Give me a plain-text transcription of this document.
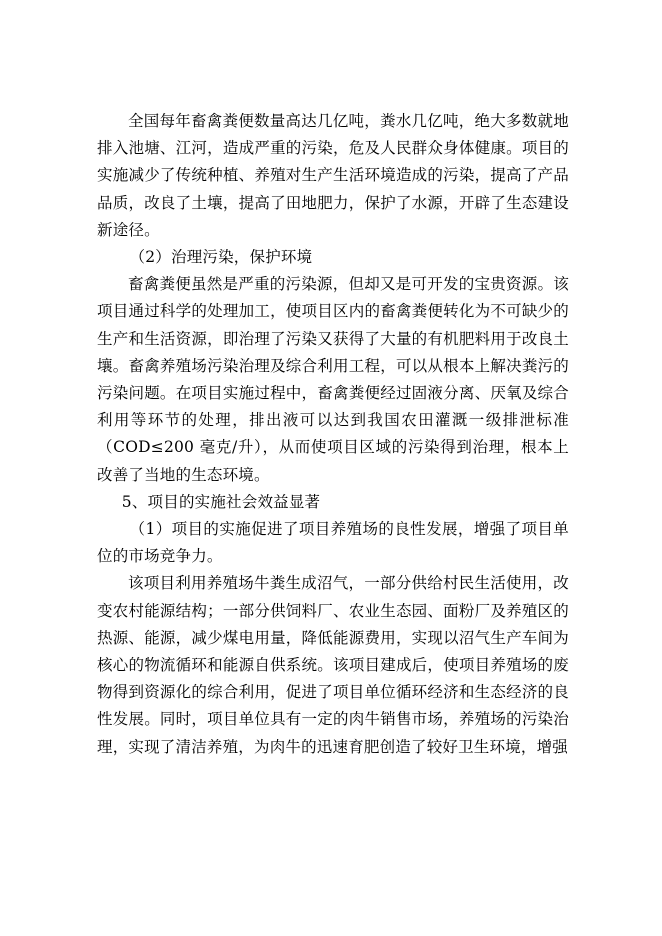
全国每年畜禽粪便数量高达几亿吨，粪水几亿吨，绝大多数就地排入池塘、江河，造成严重的污染，危及人民群众身体健康。项目的实施减少了传统种植、养殖对生产生活环境造成的污染，提高了产品品质，改良了土壤，提高了田地肥力，保护了水源，开辟了生态建设新途径。

（2）治理污染，保护环境

畜禽粪便虽然是严重的污染源，但却又是可开发的宝贵资源。该项目通过科学的处理加工，使项目区内的畜禽粪便转化为不可缺少的生产和生活资源，即治理了污染又获得了大量的有机肥料用于改良土壤。畜禽养殖场污染治理及综合利用工程，可以从根本上解决粪污的污染问题。在项目实施过程中，畜禽粪便经过固液分离、厌氧及综合利用等环节的处理，排出液可以达到我国农田灌溉一级排泄标准（COD≤200 毫克/升），从而使项目区域的污染得到治理，根本上改善了当地的生态环境。

5、项目的实施社会效益显著

（1）项目的实施促进了项目养殖场的良性发展，增强了项目单位的市场竞争力。

该项目利用养殖场牛粪生成沼气，一部分供给村民生活使用，改变农村能源结构；一部分供饲料厂、农业生态园、面粉厂及养殖区的热源、能源，减少煤电用量，降低能源费用，实现以沼气生产车间为核心的物流循环和能源自供系统。该项目建成后，使项目养殖场的废物得到资源化的综合利用，促进了项目单位循环经济和生态经济的良性发展。同时，项目单位具有一定的肉牛销售市场，养殖场的污染治理，实现了清洁养殖，为肉牛的迅速育肥创造了较好卫生环境，增强
